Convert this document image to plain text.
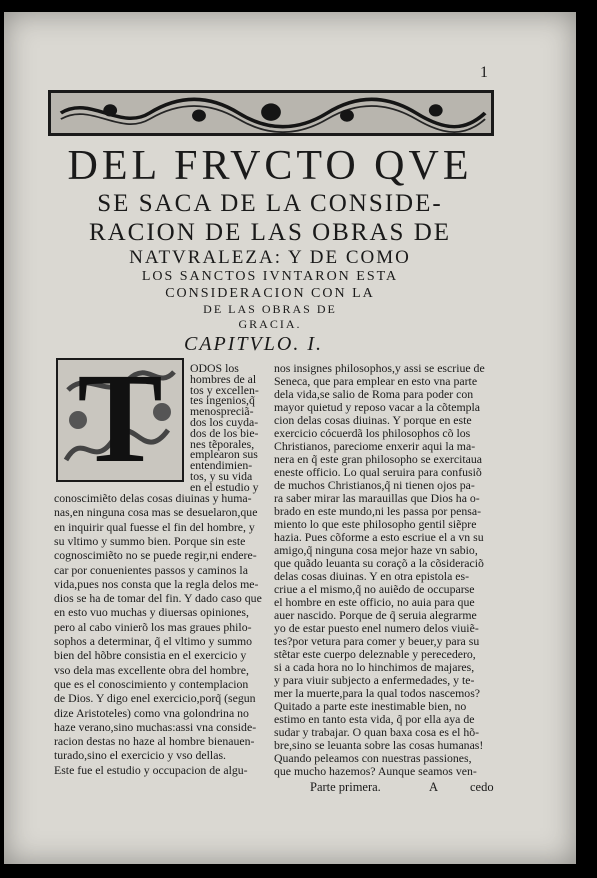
1
DEL FRVCTO QVE
SE SACA DE LA CONSIDE-
RACION DE LAS OBRAS DE
NATVRALEZA: Y DE COMO
LOS SANCTOS IVNTARON ESTA
CONSIDERACION CON LA
DE LAS OBRAS DE
GRACIA.
CAPITVLO. I.
T	ODOS los
hombres de al
tos y excellen-
tes ingenios,q̃
menospreciã-
dos los cuyda-
dos de los bie-
nes tẽporales,
emplearon sus
entendimien-
tos, y su vida
en el estudio y
conoscimiẽto delas cosas diuinas y huma-
nas,en ninguna cosa mas se desuelaron,que
en inquirir qual fuesse el fin del hombre, y
su vltimo y summo bien. Porque sin este
cognoscimiẽto no se puede regir,ni endere-
car por conuenientes passos y caminos la
vida,pues nos consta que la regla delos me-
dios se ha de tomar del fin. Y dado caso que
en esto vuo muchas y diuersas opiniones,
pero al cabo vinierõ los mas graues philo-
sophos a determinar, q̃ el vltimo y summo
bien del hõbre consistia en el exercicio y
vso dela mas excellente obra del hombre,
que es el conoscimiento y contemplacion
de Dios. Y digo enel exercicio,porq̃ (segun
dize Aristoteles) como vna golondrina no
haze verano,sino muchas:assi vna conside-
racion destas no haze al hombre bienauen-
turado,sino el exercicio y vso dellas.
Este fue el estudio y occupacion de algu-
nos insignes philosophos,y assi se escriue de
Seneca, que para emplear en esto vna parte
dela vida,se salio de Roma para poder con
mayor quietud y reposo vacar a la cõtempla
cion delas cosas diuinas. Y porque en este
exercicio cócuerdã los philosophos cõ los
Christianos, pareciome enxerir aqui la ma-
nera en q̃ este gran philosopho se exercitaua
eneste officio. Lo qual seruira para confusiõ
de muchos Christianos,q̃ ni tienen ojos pa-
ra saber mirar las marauillas que Dios ha o-
brado en este mundo,ni les passa por pensa-
miento lo que este philosopho gentil siẽpre
hazia. Pues cõforme a esto escriue el a vn su
amigo,q̃ ninguna cosa mejor haze vn sabio,
que quãdo leuanta su coraçõ a la cõsideraciõ
delas cosas diuinas. Y en otra epistola es-
criue a el mismo,q̃ no auiẽdo de occuparse
el hombre en este officio, no auia para que
auer nascido. Porque de q̃ seruia alegrarme
yo de estar puesto enel numero delos viuiẽ-
tes?por vetura para comer y beuer,y para su
stẽtar este cuerpo deleznable y perecedero,
si a cada hora no lo hinchimos de majares,
y para viuir subjecto a enfermedades, y te-
mer la muerte,para la qual todos nascemos?
Quitado a parte este inestimable bien, no
estimo en tanto esta vida, q̃ por ella aya de
sudar y trabajar. O quan baxa cosa es el hõ-
bre,sino se leuanta sobre las cosas humanas!
Quando peleamos con nuestras passiones,
que mucho hazemos? Aunque seamos ven-
Parte primera.	A	cedo
